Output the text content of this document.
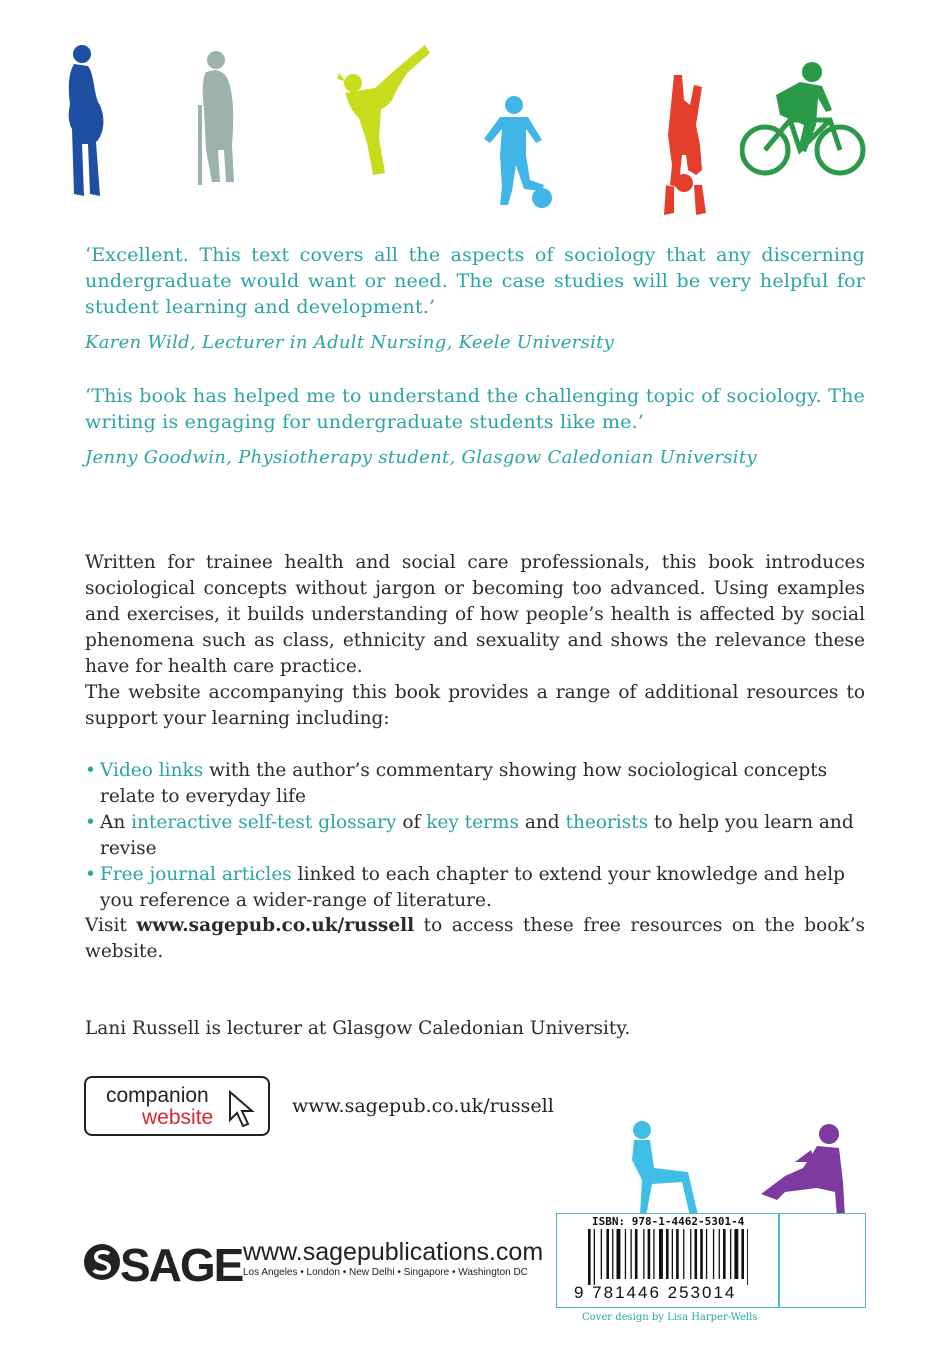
‘Excellent. This text covers all the aspects of sociology that any discerning undergraduate would want or need. The case studies will be very helpful for student learning and development.’
Karen Wild, Lecturer in Adult Nursing, Keele University
‘This book has helped me to understand the challenging topic of sociology. The writing is engaging for undergraduate students like me.’
Jenny Goodwin, Physiotherapy student, Glasgow Caledonian University
Written for trainee health and social care professionals, this book introduces sociological concepts without jargon or becoming too advanced. Using examples and exercises, it builds understanding of how people’s health is affected by social phenomena such as class, ethnicity and sexuality and shows the relevance these have for health care practice.
The website accompanying this book provides a range of additional resources to support your learning including:
• Video links with the author’s commentary showing how sociological concepts relate to everyday life
• An interactive self-test glossary of key terms and theorists to help you learn and revise
• Free journal articles linked to each chapter to extend your knowledge and help you reference a wider-range of literature.
Visit www.sagepub.co.uk/russell to access these free resources on the book’s website.
Lani Russell is lecturer at Glasgow Caledonian University.
companion
website	www.sagepub.co.uk/russell
SAGE www.sagepublications.com
Los Angeles • London • New Delhi • Singapore • Washington DC
ISBN: 978-1-4462-5301-4
9 781446 253014
Cover design by Lisa Harper-Wells
